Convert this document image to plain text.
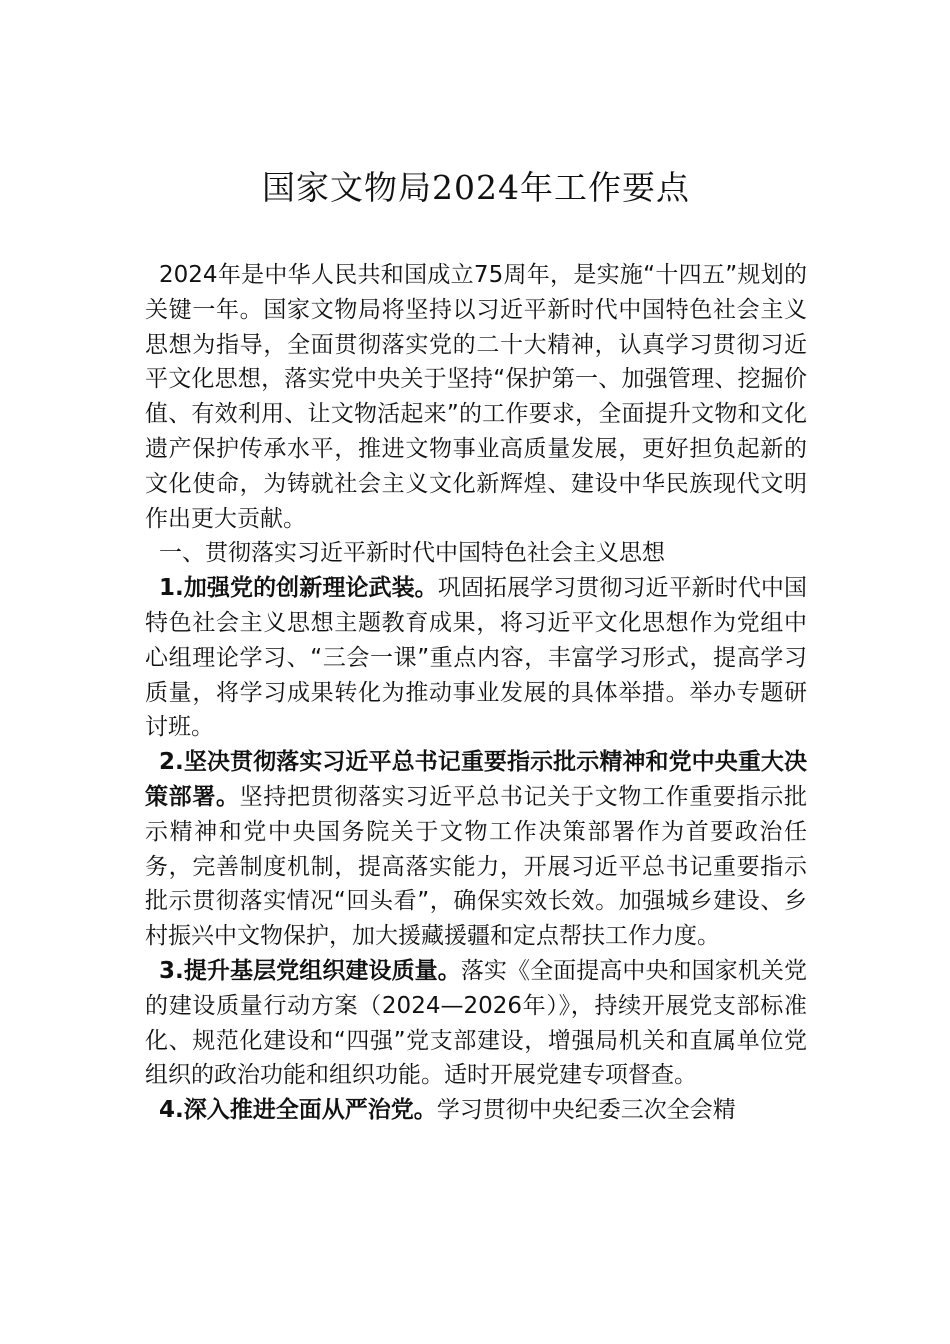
国家文物局2024年工作要点

2024年是中华人民共和国成立75周年，是实施“十四五”规划的关键一年。国家文物局将坚持以习近平新时代中国特色社会主义思想为指导，全面贯彻落实党的二十大精神，认真学习贯彻习近平文化思想，落实党中央关于坚持“保护第一、加强管理、挖掘价值、有效利用、让文物活起来”的工作要求，全面提升文物和文化遗产保护传承水平，推进文物事业高质量发展，更好担负起新的文化使命，为铸就社会主义文化新辉煌、建设中华民族现代文明作出更大贡献。

一、贯彻落实习近平新时代中国特色社会主义思想

1.加强党的创新理论武装。巩固拓展学习贯彻习近平新时代中国特色社会主义思想主题教育成果，将习近平文化思想作为党组中心组理论学习、“三会一课”重点内容，丰富学习形式，提高学习质量，将学习成果转化为推动事业发展的具体举措。举办专题研讨班。

2.坚决贯彻落实习近平总书记重要指示批示精神和党中央重大决策部署。坚持把贯彻落实习近平总书记关于文物工作重要指示批示精神和党中央国务院关于文物工作决策部署作为首要政治任务，完善制度机制，提高落实能力，开展习近平总书记重要指示批示贯彻落实情况“回头看”，确保实效长效。加强城乡建设、乡村振兴中文物保护，加大援藏援疆和定点帮扶工作力度。

3.提升基层党组织建设质量。落实《全面提高中央和国家机关党的建设质量行动方案（2024—2026年）》，持续开展党支部标准化、规范化建设和“四强”党支部建设，增强局机关和直属单位党组织的政治功能和组织功能。适时开展党建专项督查。

4.深入推进全面从严治党。学习贯彻中央纪委三次全会精
